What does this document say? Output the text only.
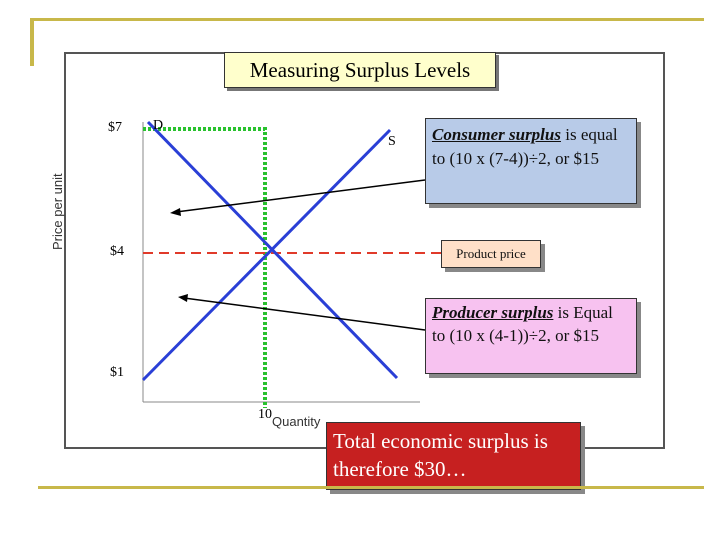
Measuring Surplus Levels
$7
$4
$1
10 Quantity
Price per unit
D
S	Consumer surplus is equal to (10 x (7-4))÷2, or $15
Product price
Producer surplus is Equal to (10 x (4-1))÷2, or $15
Total economic surplus is therefore $30…
